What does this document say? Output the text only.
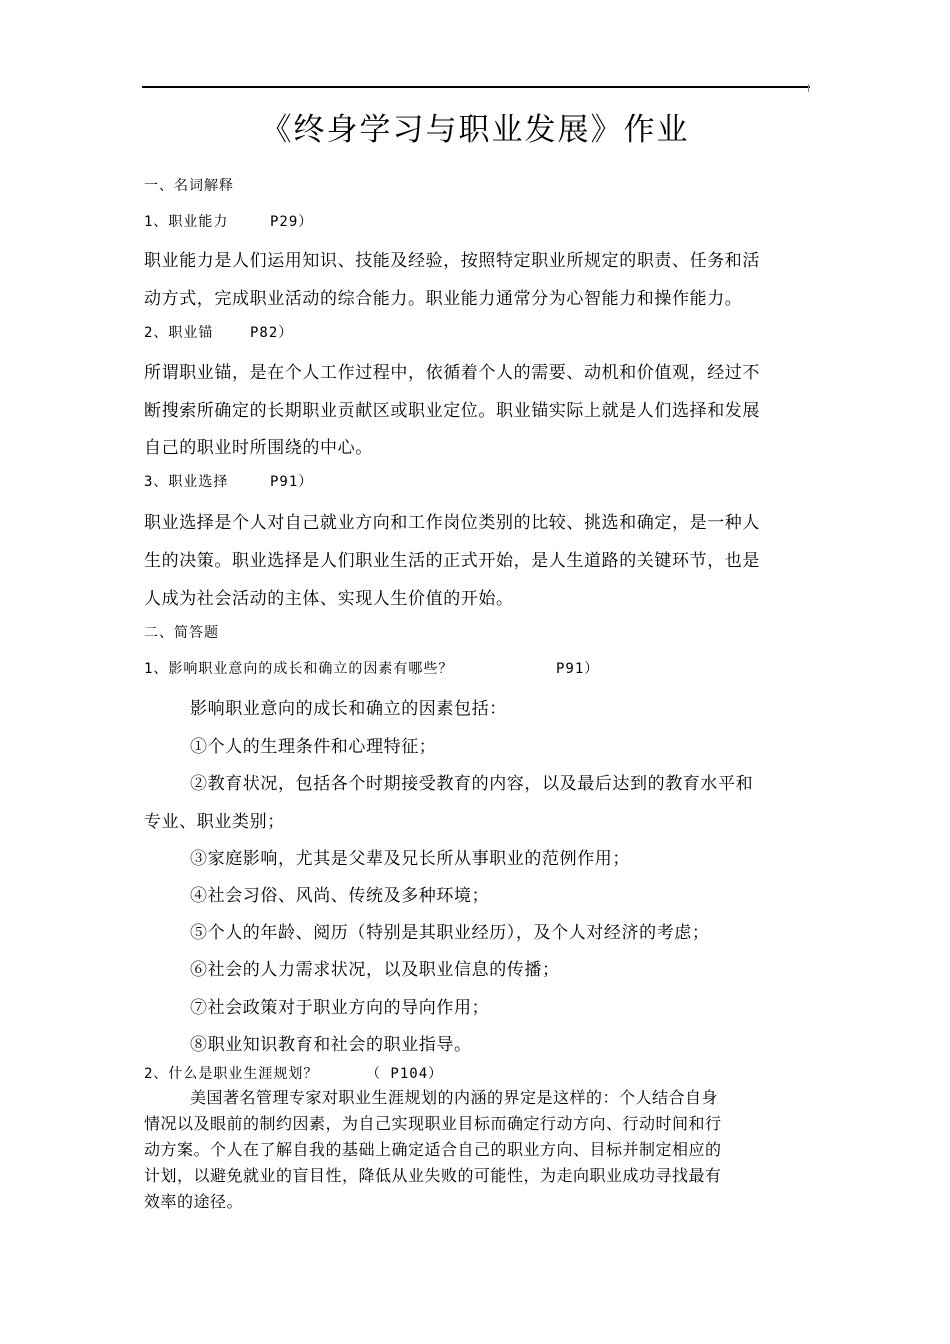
《终身学习与职业发展》作业
一、名词解释
1、职业能力	P29）
职业能力是人们运用知识、技能及经验，按照特定职业所规定的职责、任务和活
动方式，完成职业活动的综合能力。职业能力通常分为心智能力和操作能力。
2、职业锚	P82）
所谓职业锚，是在个人工作过程中，依循着个人的需要、动机和价值观，经过不
断搜索所确定的长期职业贡献区或职业定位。职业锚实际上就是人们选择和发展
自己的职业时所围绕的中心。
3、职业选择	P91）
职业选择是个人对自己就业方向和工作岗位类别的比较、挑选和确定，是一种人
生的决策。职业选择是人们职业生活的正式开始，是人生道路的关键环节，也是
人成为社会活动的主体、实现人生价值的开始。
二、简答题
1、影响职业意向的成长和确立的因素有哪些？	P91）
影响职业意向的成长和确立的因素包括：
①个人的生理条件和心理特征；
②教育状况，包括各个时期接受教育的内容，以及最后达到的教育水平和
专业、职业类别；
③家庭影响，尤其是父辈及兄长所从事职业的范例作用；
④社会习俗、风尚、传统及多种环境；
⑤个人的年龄、阅历（特别是其职业经历），及个人对经济的考虑；
⑥社会的人力需求状况，以及职业信息的传播；
⑦社会政策对于职业方向的导向作用；
⑧职业知识教育和社会的职业指导。
2、什么是职业生涯规划？	（ P104）
美国著名管理专家对职业生涯规划的内涵的界定是这样的：个人结合自身
情况以及眼前的制约因素，为自己实现职业目标而确定行动方向、行动时间和行
动方案。个人在了解自我的基础上确定适合自己的职业方向、目标并制定相应的
计划，以避免就业的盲目性，降低从业失败的可能性，为走向职业成功寻找最有
效率的途径。
